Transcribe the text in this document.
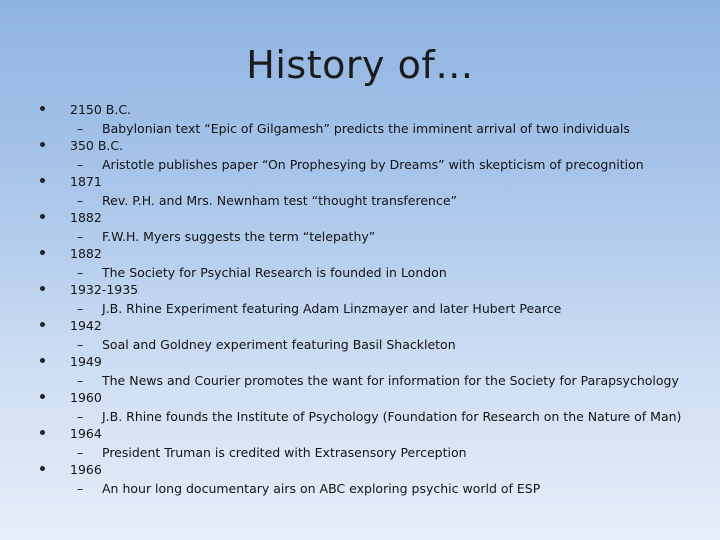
History of…
2150 B.C.
– Babylonian text “Epic of Gilgamesh” predicts the imminent arrival of two individuals
350 B.C.
– Aristotle publishes paper “On Prophesying by Dreams” with skepticism of precognition
1871
– Rev. P.H. and Mrs. Newnham test “thought transference”
1882
– F.W.H. Myers suggests the term “telepathy”
1882
– The Society for Psychial Research is founded in London
1932-1935
– J.B. Rhine Experiment featuring Adam Linzmayer and later Hubert Pearce
1942
– Soal and Goldney experiment featuring Basil Shackleton
1949
– The News and Courier promotes the want for information for the Society for Parapsychology
1960
– J.B. Rhine founds the Institute of Psychology (Foundation for Research on the Nature of Man)
1964
– President Truman is credited with Extrasensory Perception
1966
– An hour long documentary airs on ABC exploring psychic world of ESP
